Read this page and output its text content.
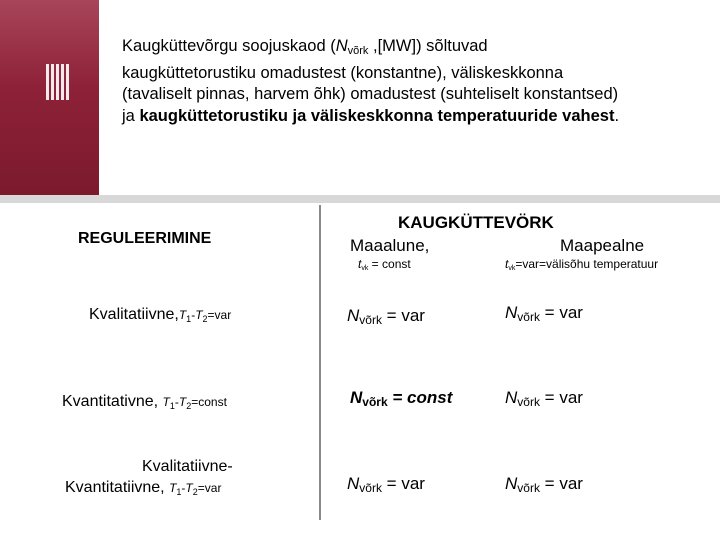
Kaugküttevõrgu soojuskaod ($N_{võrk}$ ,[MW]) sõltuvad kaugküttetorustiku omadustest (konstantne), väliskeskkonna (tavaliselt pinnas, harvem õhk) omadustest (suhteliselt konstantsed) ja kaugküttetorustiku ja väliskeskkonna temperatuuride vahest.
REGULEERIMINE
KAUGKÜTTEVÖRK
Maaalune,	Maapealne
$t_{vk}$ = const	$t_{vk}=var=välisõhu$ temperatuur
$Kvalitatiivne,T_1-T_2=var$	$N_{võrk}$ = var	$N_{võrk}$ = var
Kvantitativne, $T_1-T_2=const$	$N_{võrk}$ = const	$N_{võrk}$ = var
Kvalitatiivne-
Kvantitatiivne, $T_1-T_2=var$	$N_{võrk}$ = var	$N_{võrk}$ = var
